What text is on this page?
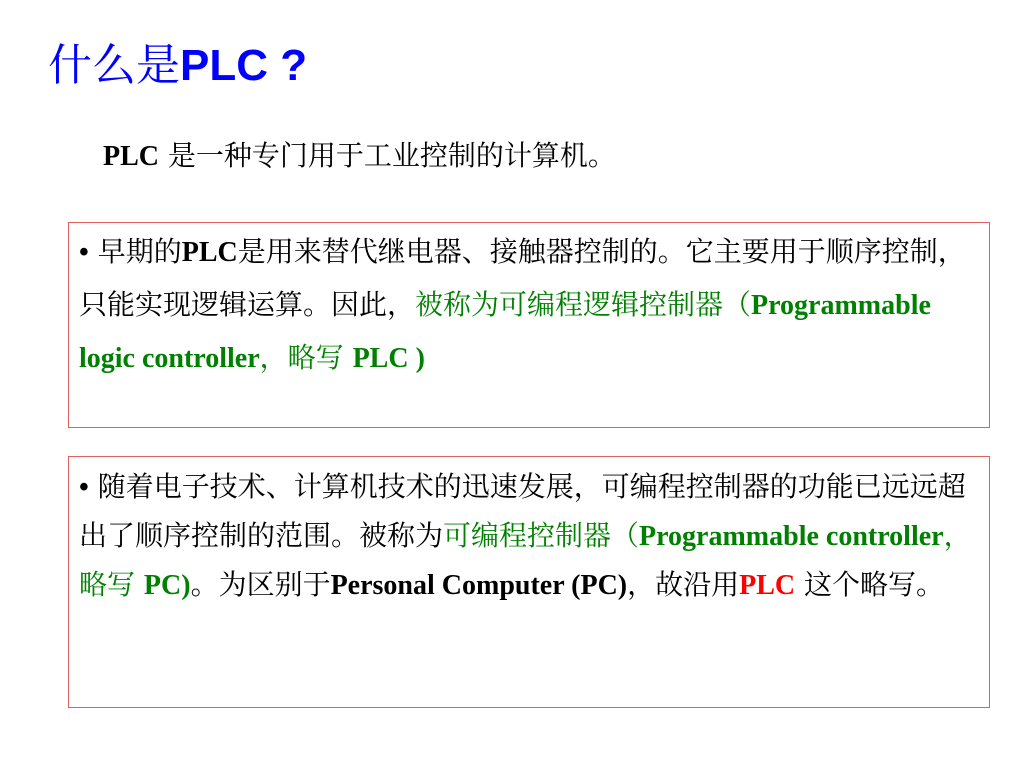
什么是PLC ?
PLC 是一种专门用于工业控制的计算机。
• 早期的PLC是用来替代继电器、接触器控制的。它主要用于顺序控制，只能实现逻辑运算。因此，被称为可编程逻辑控制器（Programmable logic controller，略写 PLC )
• 随着电子技术、计算机技术的迅速发展，可编程控制器的功能已远远超出了顺序控制的范围。被称为可编程控制器（Programmable controller，略写 PC)。为区别于Personal Computer (PC)，故沿用PLC 这个略写。
